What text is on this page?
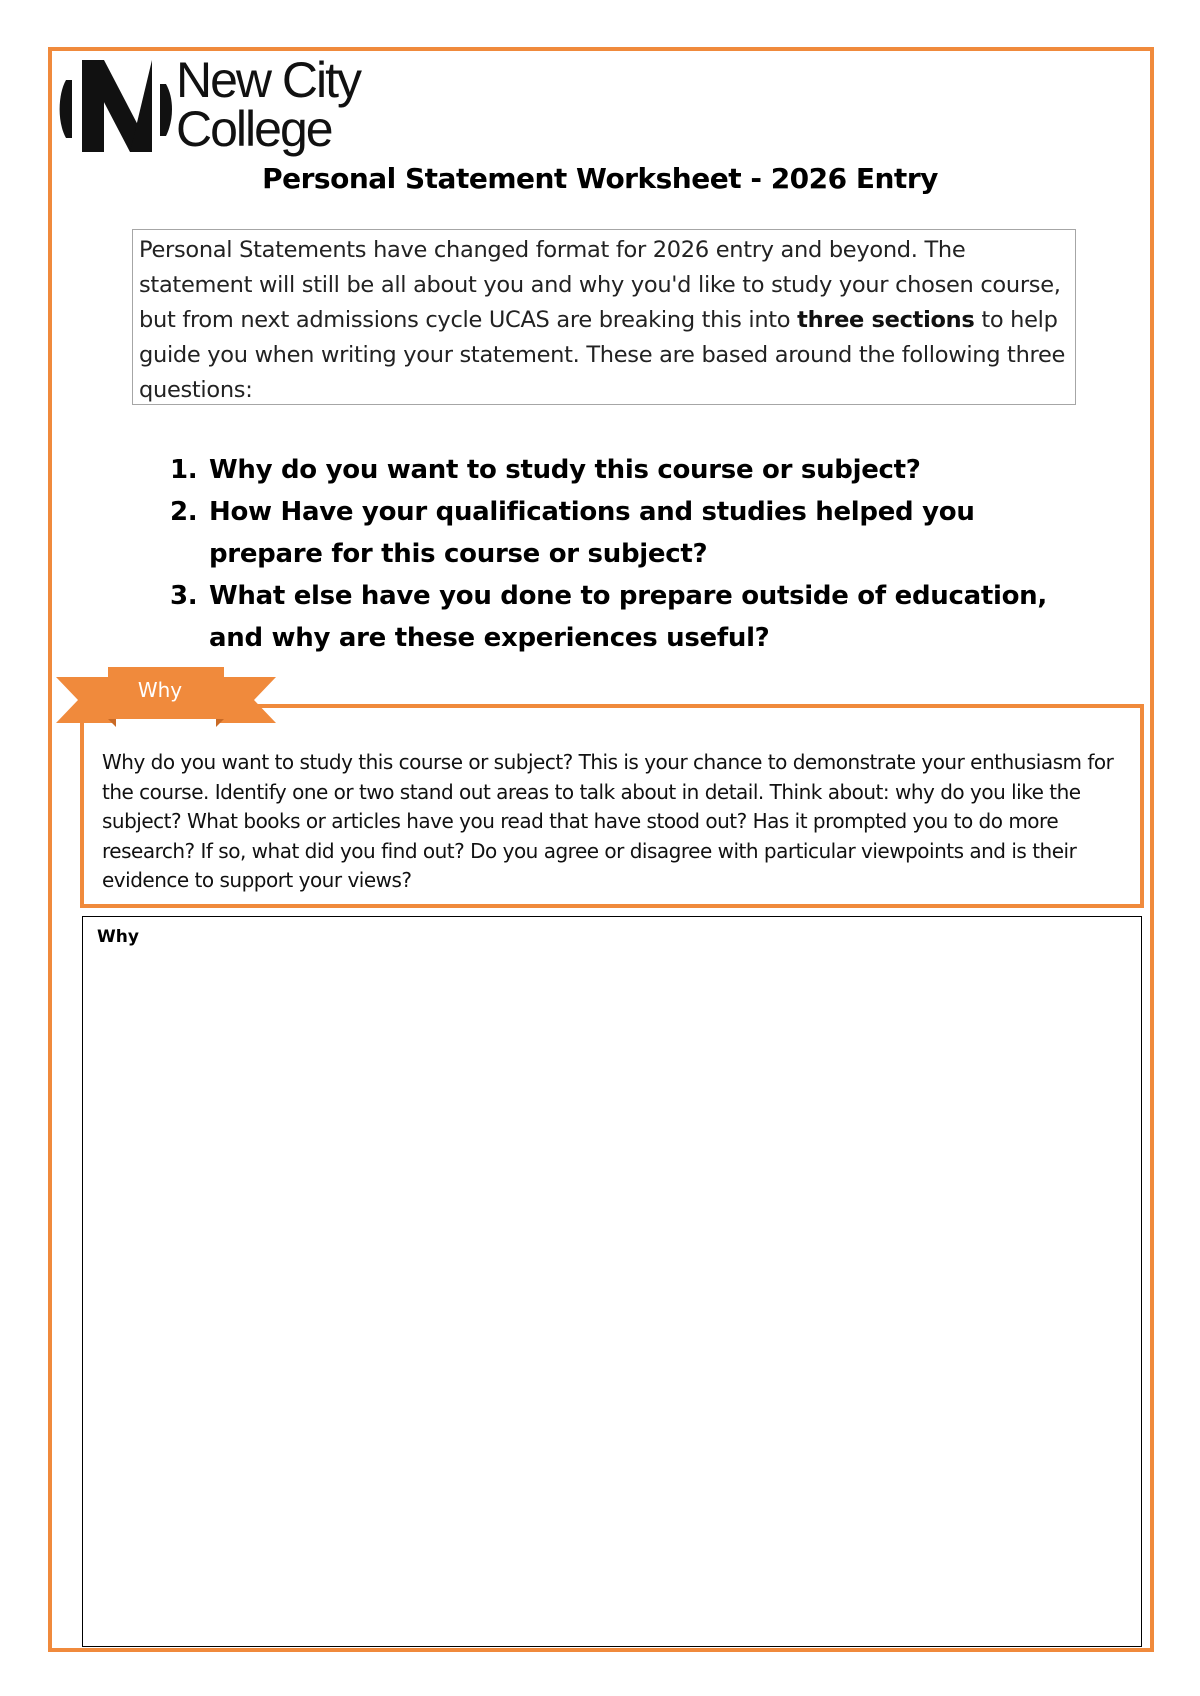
New City
College
Personal Statement Worksheet - 2026 Entry
Personal Statements have changed format for 2026 entry and beyond. The statement will still be all about you and why you'd like to study your chosen course, but from next admissions cycle UCAS are breaking this into three sections to help guide you when writing your statement. These are based around the following three questions:
1. Why do you want to study this course or subject?
2. How Have your qualifications and studies helped you prepare for this course or subject?
3. What else have you done to prepare outside of education, and why are these experiences useful?
Why
Why do you want to study this course or subject? This is your chance to demonstrate your enthusiasm for the course. Identify one or two stand out areas to talk about in detail. Think about: why do you like the subject? What books or articles have you read that have stood out? Has it prompted you to do more research? If so, what did you find out? Do you agree or disagree with particular viewpoints and is their evidence to support your views?
Why
